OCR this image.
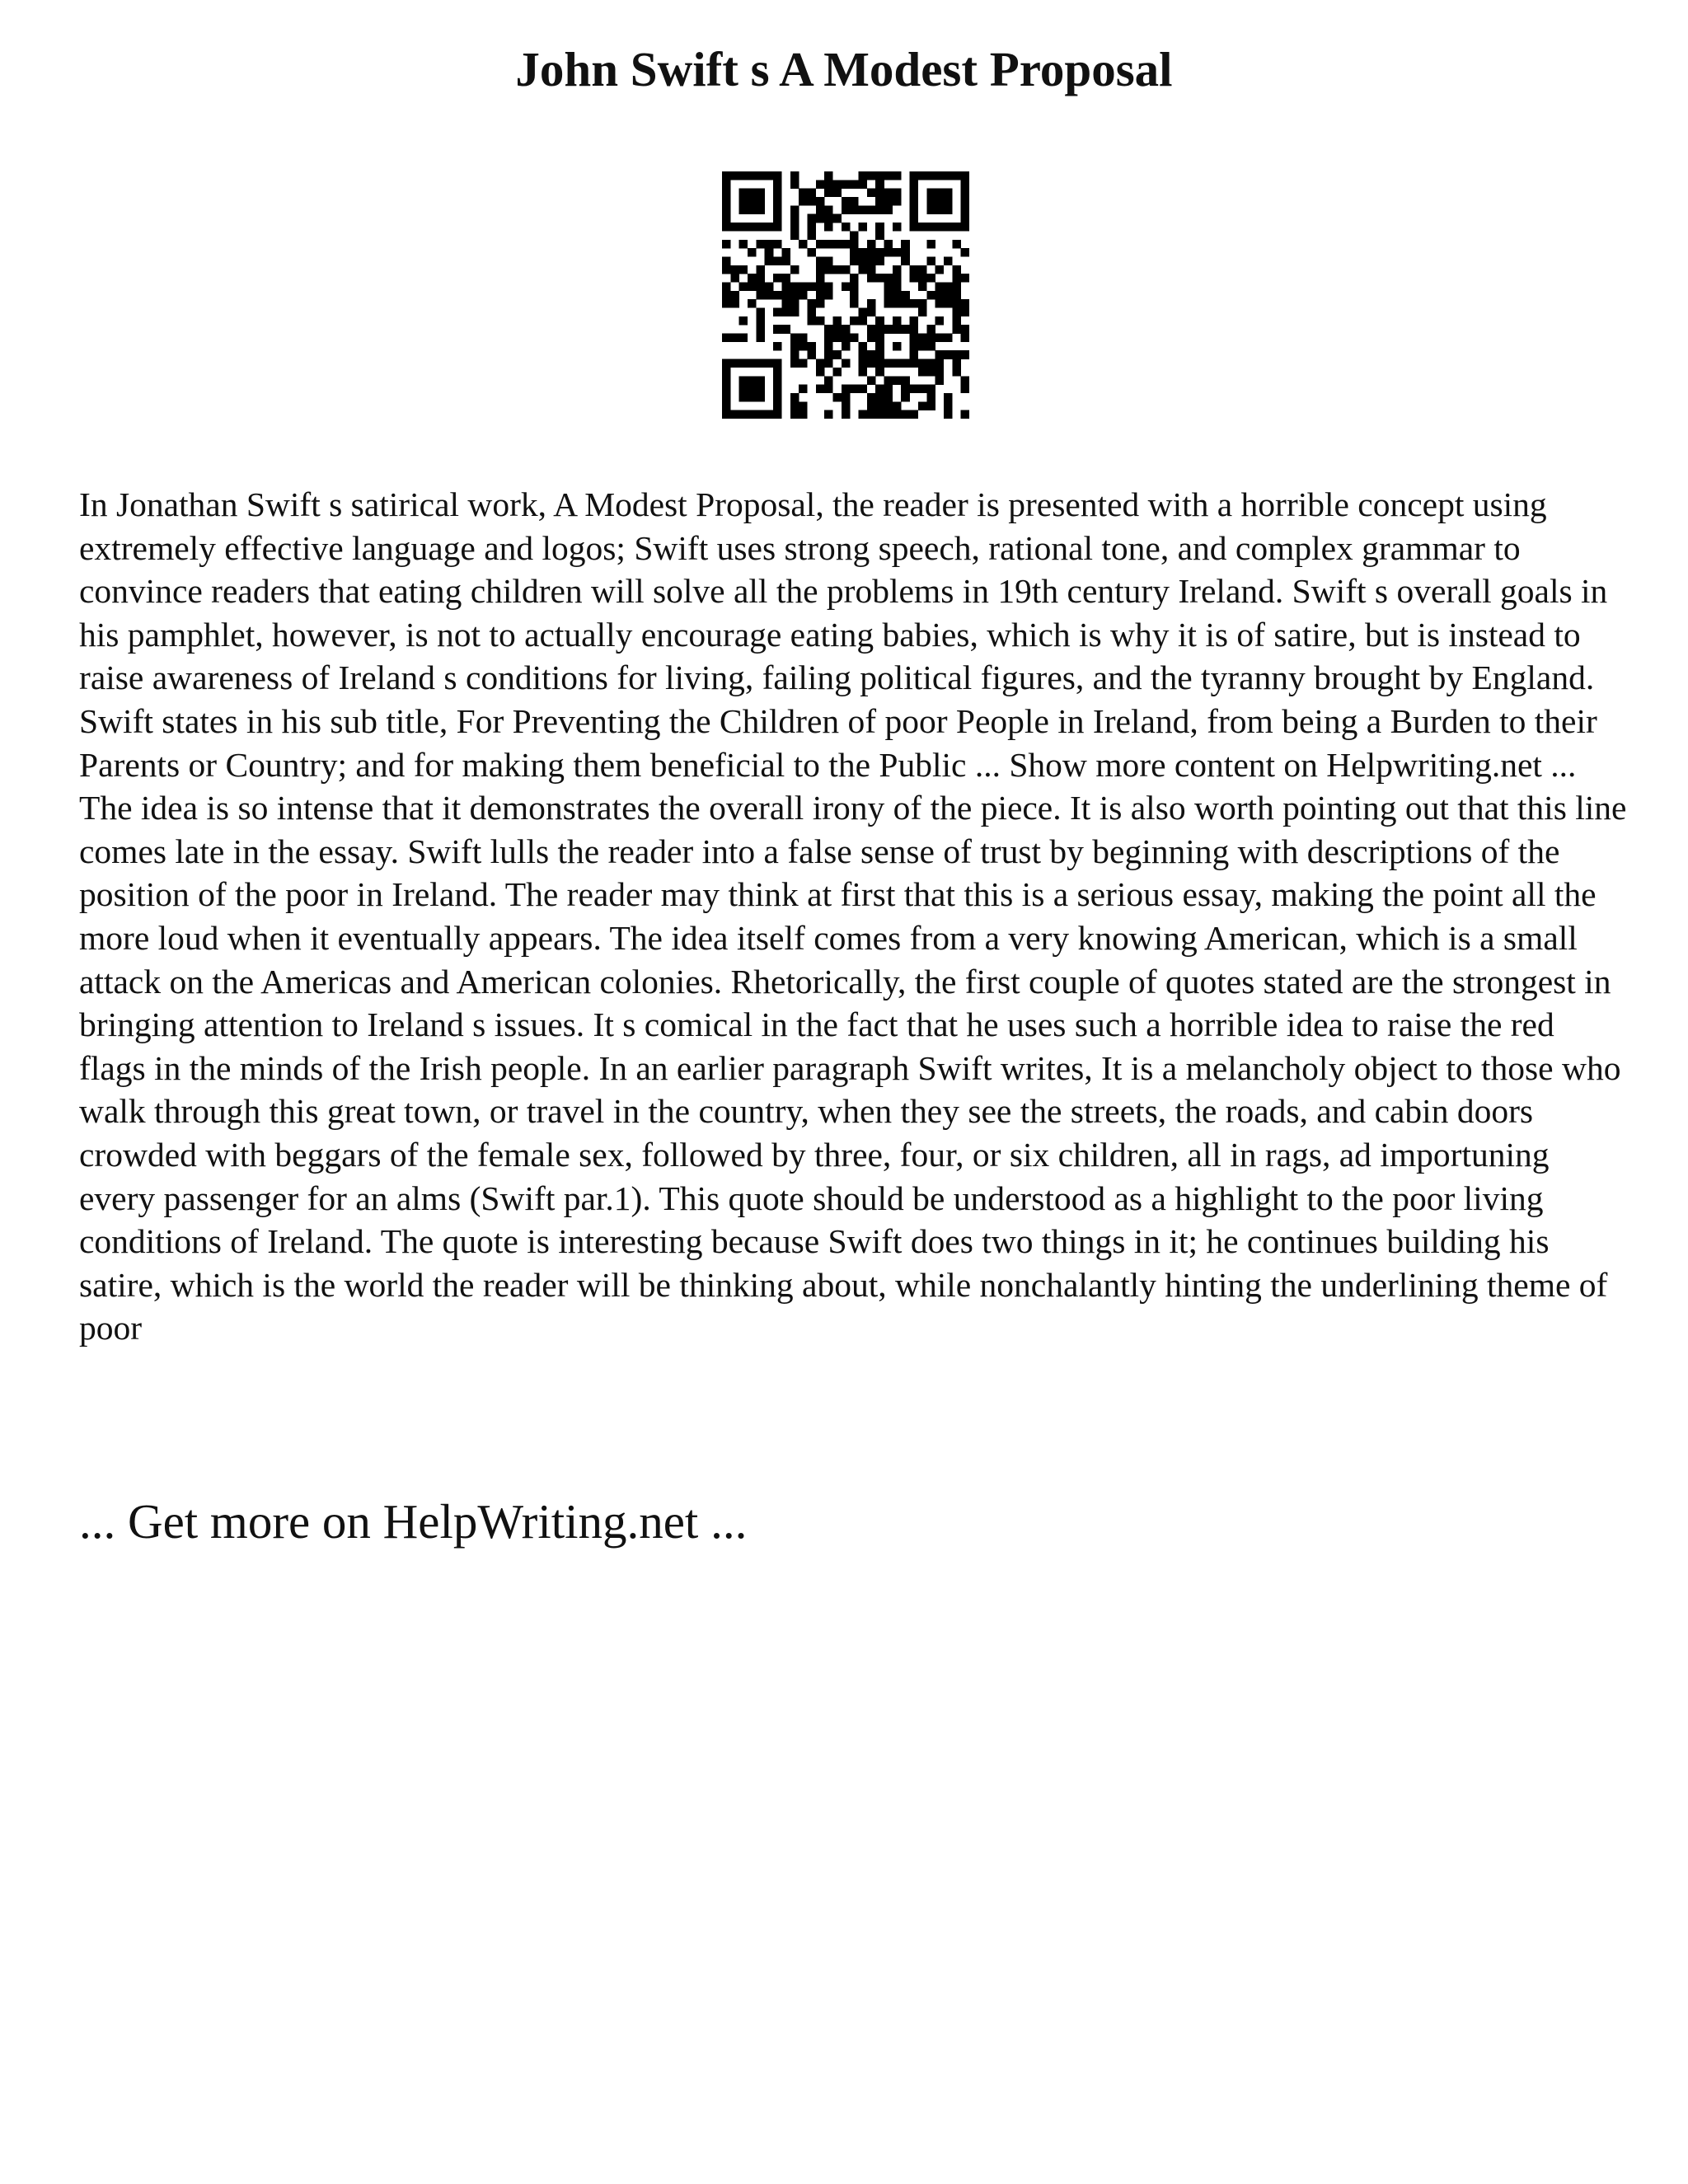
John Swift s A Modest Proposal

In Jonathan Swift s satirical work, A Modest Proposal, the reader is presented with a horrible concept using extremely effective language and logos; Swift uses strong speech, rational tone, and complex grammar to convince readers that eating children will solve all the problems in 19th century Ireland. Swift s overall goals in his pamphlet, however, is not to actually encourage eating babies, which is why it is of satire, but is instead to raise awareness of Ireland s conditions for living, failing political figures, and the tyranny brought by England. Swift states in his sub title, For Preventing the Children of poor People in Ireland, from being a Burden to their Parents or Country; and for making them beneficial to the Public ... Show more content on Helpwriting.net ...

The idea is so intense that it demonstrates the overall irony of the piece. It is also worth pointing out that this line comes late in the essay. Swift lulls the reader into a false sense of trust by beginning with descriptions of the position of the poor in Ireland. The reader may think at first that this is a serious essay, making the point all the more loud when it eventually appears. The idea itself comes from a very knowing American, which is a small attack on the Americas and American colonies. Rhetorically, the first couple of quotes stated are the strongest in bringing attention to Ireland s issues. It s comical in the fact that he uses such a horrible idea to raise the red flags in the minds of the Irish people. In an earlier paragraph Swift writes, It is a melancholy object to those who walk through this great town, or travel in the country, when they see the streets, the roads, and cabin doors crowded with beggars of the female sex, followed by three, four, or six children, all in rags, ad importuning every passenger for an alms (Swift par.1). This quote should be understood as a highlight to the poor living conditions of Ireland. The quote is interesting because Swift does two things in it; he continues building his satire, which is the world the reader will be thinking about, while nonchalantly hinting the underlining theme of poor

... Get more on HelpWriting.net ...
